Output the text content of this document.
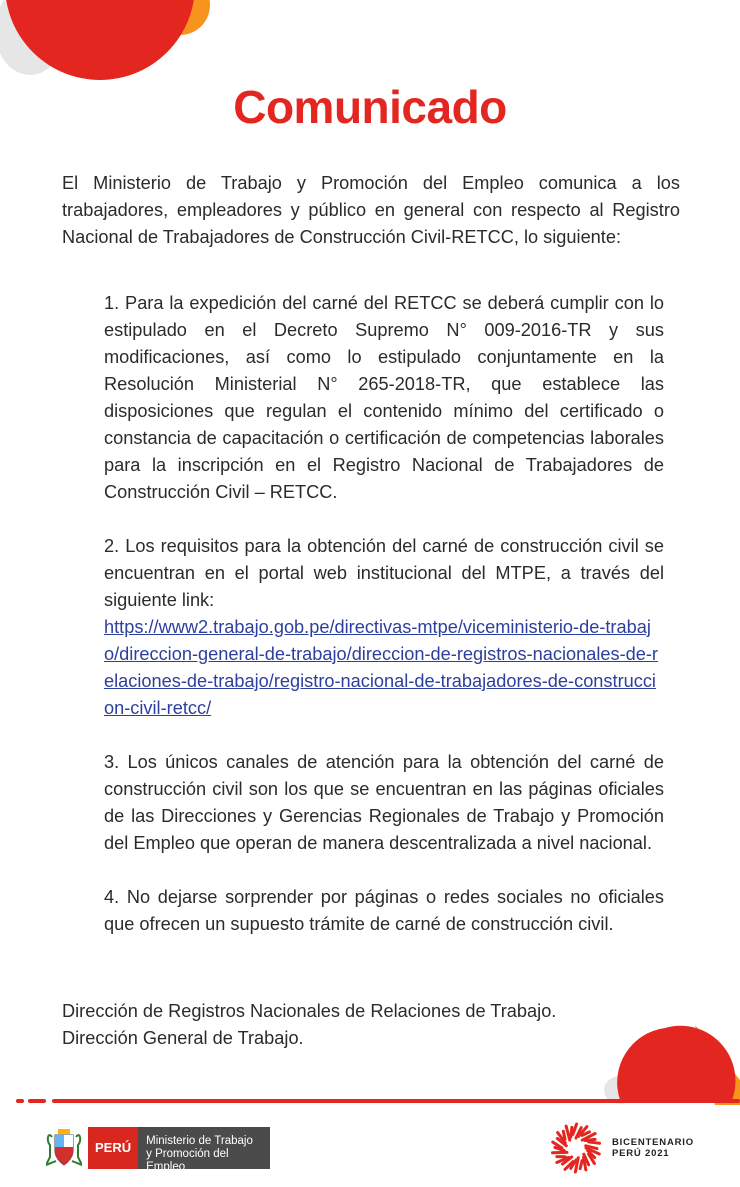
Comunicado

El Ministerio de Trabajo y Promoción del Empleo comunica a los trabajadores, empleadores y público en general con respecto al Registro Nacional de Trabajadores de Construcción Civil-RETCC, lo siguiente:

1. Para la expedición del carné del RETCC se deberá cumplir con lo estipulado en el Decreto Supremo N° 009-2016-TR y sus modificaciones, así como lo estipulado conjuntamente en la Resolución Ministerial N° 265-2018-TR, que establece las disposiciones que regulan el contenido mínimo del certificado o constancia de capacitación o certificación de competencias laborales para la inscripción en el Registro Nacional de Trabajadores de Construcción Civil – RETCC.

2. Los requisitos para la obtención del carné de construcción civil se encuentran en el portal web institucional del MTPE, a través del siguiente link:
https://www2.trabajo.gob.pe/directivas-mtpe/viceministerio-de-trabajo/direccion-general-de-trabajo/direccion-de-registros-nacionales-de-relaciones-de-trabajo/registro-nacional-de-trabajadores-de-construccion-civil-retcc/

3. Los únicos canales de atención para la obtención del carné de construcción civil son los que se encuentran en las páginas oficiales de las Direcciones y Gerencias Regionales de Trabajo y Promoción del Empleo que operan de manera descentralizada a nivel nacional.

4. No dejarse sorprender por páginas o redes sociales no oficiales que ofrecen un supuesto trámite de carné de construcción civil.

Dirección de Registros Nacionales de Relaciones de Trabajo.
Dirección General de Trabajo.

PERÚ	Ministerio de Trabajo
y Promoción del Empleo
BICENTENARIO
PERÚ 2021
